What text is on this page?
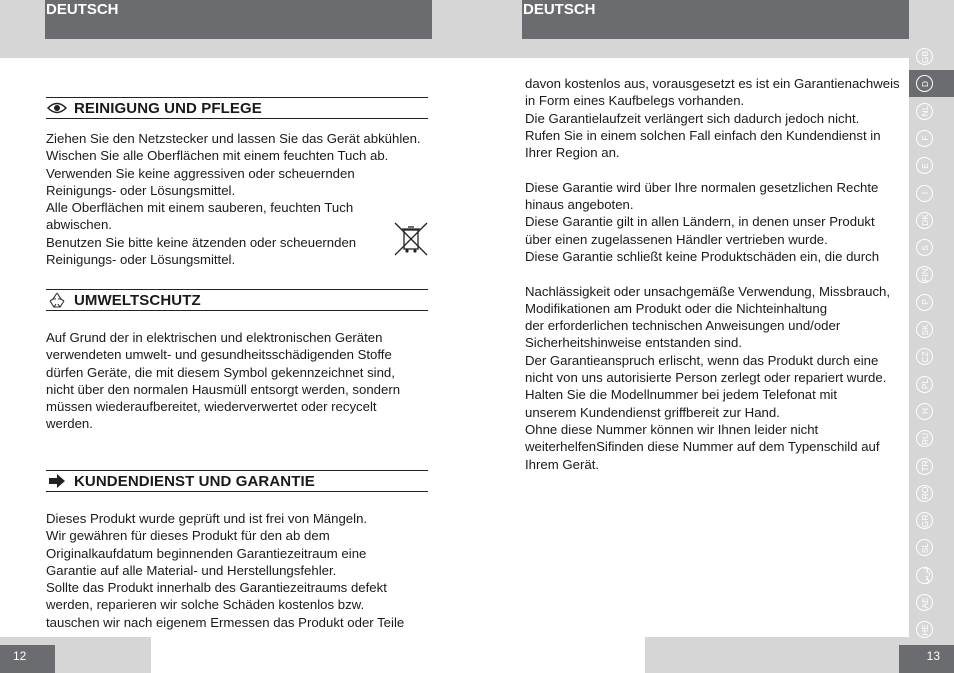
DEUTSCH	DEUTSCH
REINIGUNG UND PFLEGE

Ziehen Sie den Netzstecker und lassen Sie das Gerät abkühlen.
Wischen Sie alle Oberflächen mit einem feuchten Tuch ab.
Verwenden Sie keine aggressiven oder scheuernden
Reinigungs- oder Lösungsmittel.
Alle Oberflächen mit einem sauberen, feuchten Tuch
abwischen.
Benutzen Sie bitte keine ätzenden oder scheuernden
Reinigungs- oder Lösungsmittel.

UMWELTSCHUTZ

Auf Grund der in elektrischen und elektronischen Geräten
verwendeten umwelt- und gesundheitsschädigenden Stoffe
dürfen Geräte, die mit diesem Symbol gekennzeichnet sind,
nicht über den normalen Hausmüll entsorgt werden, sondern
müssen wiederaufbereitet, wiederverwertet oder recycelt
werden.

KUNDENDIENST UND GARANTIE

Dieses Produkt wurde geprüft und ist frei von Mängeln.
Wir gewähren für dieses Produkt für den ab dem
Originalkaufdatum beginnenden Garantiezeitraum eine
Garantie auf alle Material- und Herstellungsfehler.
Sollte das Produkt innerhalb des Garantiezeitraums defekt
werden, reparieren wir solche Schäden kostenlos bzw.
tauschen wir nach eigenem Ermessen das Produkt oder Teile

davon kostenlos aus, vorausgesetzt es ist ein Garantienachweis
in Form eines Kaufbelegs vorhanden.
Die Garantielaufzeit verlängert sich dadurch jedoch nicht.
Rufen Sie in einem solchen Fall einfach den Kundendienst in
Ihrer Region an.

Diese Garantie wird über Ihre normalen gesetzlichen Rechte
hinaus angeboten.
Diese Garantie gilt in allen Ländern, in denen unser Produkt
über einen zugelassenen Händler vertrieben wurde.
Diese Garantie schließt keine Produktschäden ein, die durch

Nachlässigkeit oder unsachgemäße Verwendung, Missbrauch,
Modifikationen am Produkt oder die Nichteinhaltung
der erforderlichen technischen Anweisungen und/oder
Sicherheitshinweise entstanden sind.
Der Garantieanspruch erlischt, wenn das Produkt durch eine
nicht von uns autorisierte Person zerlegt oder repariert wurde.
Halten Sie die Modellnummer bei jedem Telefonat mit
unserem Kundendienst griffbereit zur Hand.
Ohne diese Nummer können wir Ihnen leider nicht
weiterhelfenSifinden diese Nummer auf dem Typenschild auf
Ihrem Gerät.

GB
D
NL
F
E
I
DK
S
FIN
P
SK
CZ
PL
H
RU
TR
RO
GR
SL
عربي
AE
HE
12	13
